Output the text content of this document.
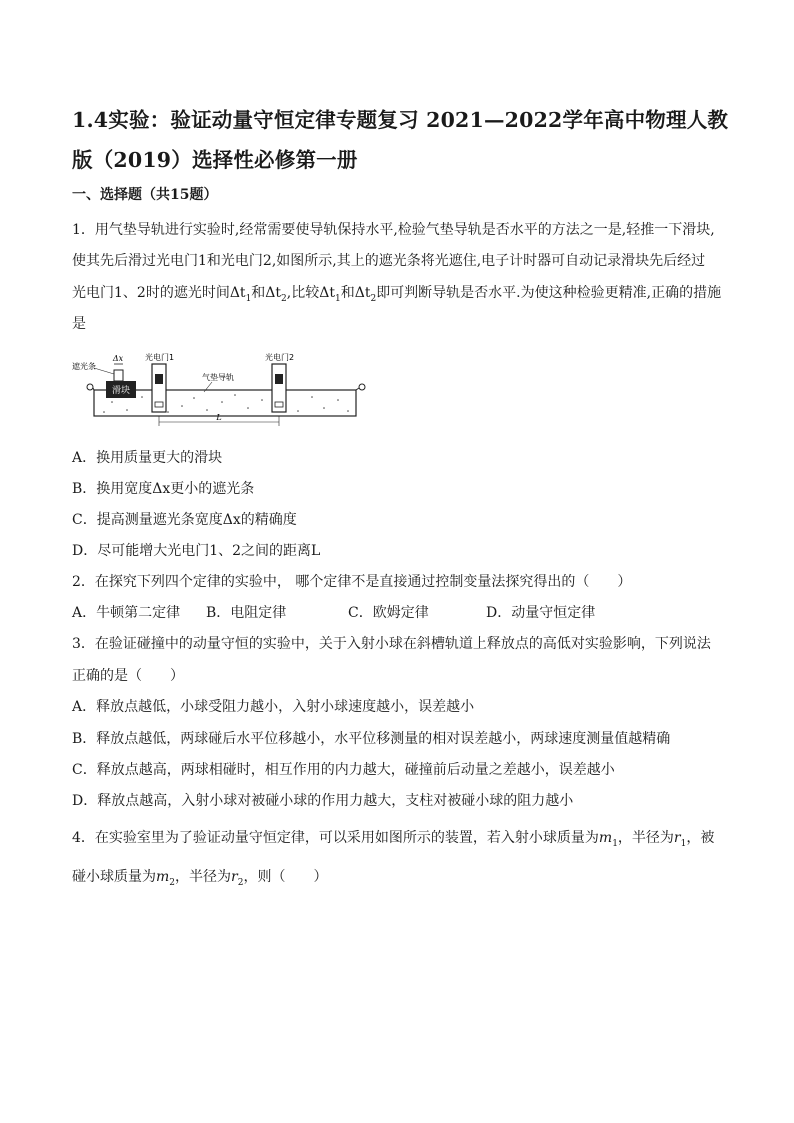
1.4实验：验证动量守恒定律专题复习 2021—2022学年高中物理人教版（2019）选择性必修第一册
一、选择题（共15题）
1．用气垫导轨进行实验时,经常需要使导轨保持水平,检验气垫导轨是否水平的方法之一是,轻推一下滑块,
使其先后滑过光电门1和光电门2,如图所示,其上的遮光条将光遮住,电子计时器可自动记录滑块先后经过
光电门1、2时的遮光时间$\Delta t_1$和$\Delta t_2$,比较$\Delta t_1$和$\Delta t_2$即可判断导轨是否水平.为使这种检验更精准,正确的措施
是
滑块
Δx
遮光条
光电门1	光电门2
气垫导轨
L
A．换用质量更大的滑块
B．换用宽度Δx更小的遮光条
C．提高测量遮光条宽度Δx的精确度
D．尽可能增大光电门1、2之间的距离L
2．在探究下列四个定律的实验中， 哪个定律不是直接通过控制变量法探究得出的（　　）
A．牛顿第二定律 B．电阻定律	C．欧姆定律	D．动量守恒定律
3．在验证碰撞中的动量守恒的实验中，关于入射小球在斜槽轨道上释放点的高低对实验影响，下列说法
正确的是（　　）
A．释放点越低，小球受阻力越小，入射小球速度越小，误差越小
B．释放点越低，两球碰后水平位移越小，水平位移测量的相对误差越小，两球速度测量值越精确
C．释放点越高，两球相碰时，相互作用的内力越大，碰撞前后动量之差越小，误差越小
D．释放点越高，入射小球对被碰小球的作用力越大，支柱对被碰小球的阻力越小
4．在实验室里为了验证动量守恒定律，可以采用如图所示的装置，若入射小球质量为$m_1$，半径为$r_1$，被
碰小球质量为$m_2$，半径为$r_2$，则（　　）
